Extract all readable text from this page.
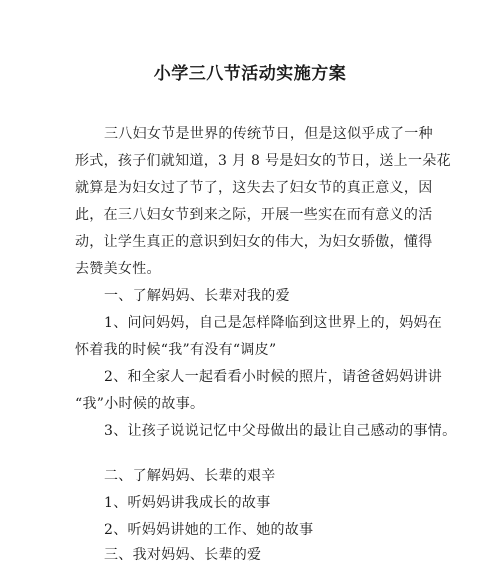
小学三八节活动实施方案
三八妇女节是世界的传统节日，但是这似乎成了一种
形式，孩子们就知道，3 月 8 号是妇女的节日，送上一朵花
就算是为妇女过了节了，这失去了妇女节的真正意义，因
此，在三八妇女节到来之际，开展一些实在而有意义的活
动，让学生真正的意识到妇女的伟大，为妇女骄傲，懂得
去赞美女性。
一、了解妈妈、长辈对我的爱
1、问问妈妈，自己是怎样降临到这世界上的，妈妈在
怀着我的时候“我”有没有“调皮”
2、和全家人一起看看小时候的照片，请爸爸妈妈讲讲
“我”小时候的故事。
3、让孩子说说记忆中父母做出的最让自己感动的事情。
二、了解妈妈、长辈的艰辛
1、听妈妈讲我成长的故事
2、听妈妈讲她的工作、她的故事
三、我对妈妈、长辈的爱
